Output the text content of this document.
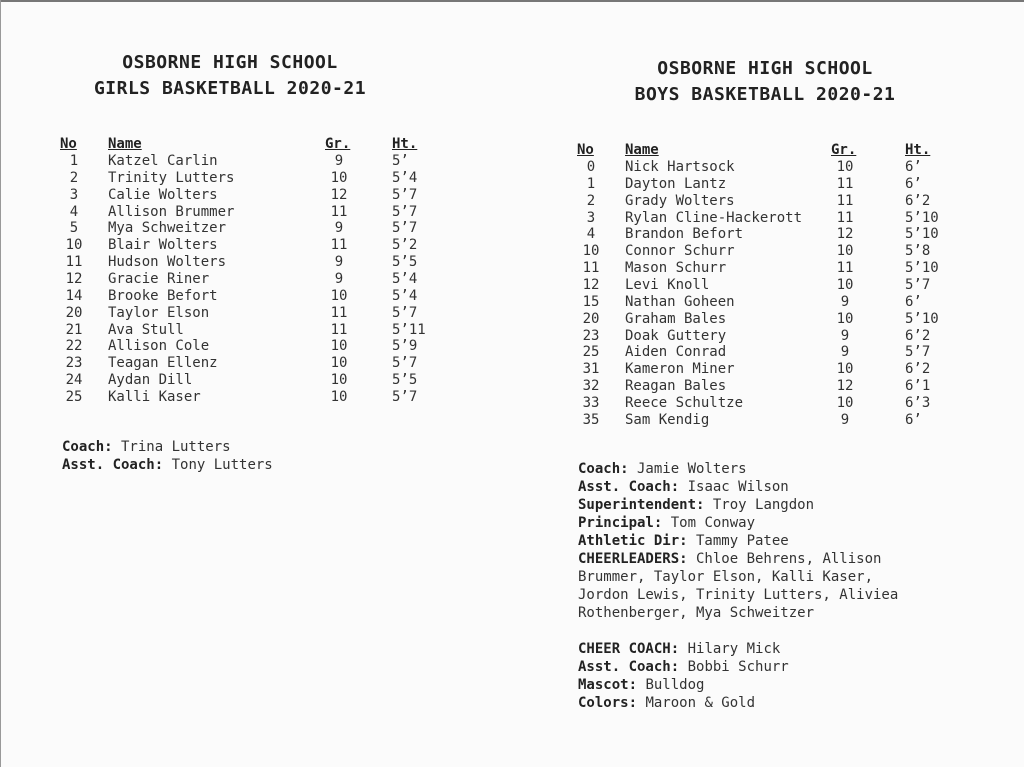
OSBORNE HIGH SCHOOL
GIRLS BASKETBALL 2020-21
No Name	Gr.	Ht.
1	Katzel Carlin	9	5’
2	Trinity Lutters	10	5’4
3	Calie Wolters	12	5’7
4	Allison Brummer	11	5’7
5	Mya Schweitzer	9	5’7
10 Blair Wolters	11	5’2
11 Hudson Wolters	9	5’5
12 Gracie Riner	9	5’4
14 Brooke Befort	10	5’4
20 Taylor Elson	11	5’7
21 Ava Stull	11	5’11
22 Allison Cole	10	5’9
23 Teagan Ellenz	10	5’7
24 Aydan Dill	10	5’5
25 Kalli Kaser	10	5’7
Coach: Trina Lutters
Asst. Coach: Tony Lutters
OSBORNE HIGH SCHOOL
BOYS BASKETBALL 2020-21
No Name	Gr.	Ht.
0	Nick Hartsock	10	6’
1	Dayton Lantz	11	6’
2	Grady Wolters	11	6’2
3	Rylan Cline-Hackerott	11	5’10
4	Brandon Befort	12	5’10
10 Connor Schurr	10	5’8
11 Mason Schurr	11	5’10
12 Levi Knoll	10	5’7
15 Nathan Goheen	9	6’
20 Graham Bales	10	5’10
23 Doak Guttery	9	6’2
25 Aiden Conrad	9	5’7
31 Kameron Miner	10	6’2
32 Reagan Bales	12	6’1
33 Reece Schultze	10	6’3
35 Sam Kendig	9	6’
Coach: Jamie Wolters
Asst. Coach: Isaac Wilson
Superintendent: Troy Langdon
Principal: Tom Conway
Athletic Dir: Tammy Patee
CHEERLEADERS: Chloe Behrens, Allison
Brummer, Taylor Elson, Kalli Kaser,
Jordon Lewis, Trinity Lutters, Aliviea
Rothenberger, Mya Schweitzer

CHEER COACH: Hilary Mick
Asst. Coach: Bobbi Schurr
Mascot: Bulldog
Colors: Maroon & Gold
